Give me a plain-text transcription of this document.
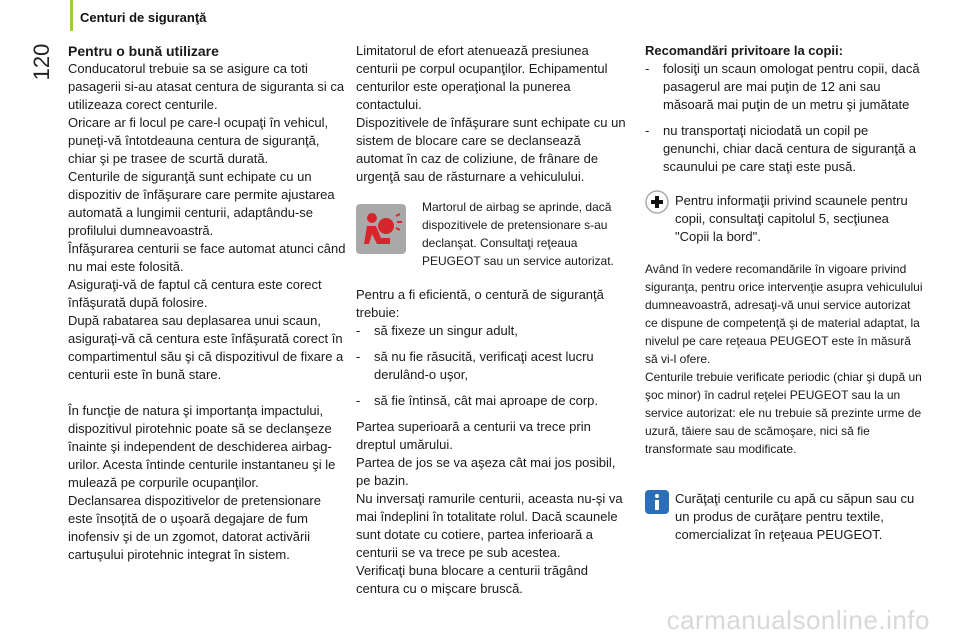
120
Centuri de siguranţă

Pentru o bună utilizare

Conducatorul trebuie sa se asigure ca toti pasagerii si-au atasat centura de siguranta si ca utilizeaza corect centurile.

Oricare ar fi locul pe care-l ocupaţi în vehicul, puneţi-vă întotdeauna centura de siguranţă, chiar şi pe trasee de scurtă durată.

Centurile de siguranţă sunt echipate cu un dispozitiv de înfăşurare care permite ajustarea automată a lungimii centurii, adaptându-se profilului dumneavoastră.

Înfăşurarea centurii se face automat atunci când nu mai este folosită.

Asiguraţi-vă de faptul că centura este corect înfăşurată după folosire.

După rabatarea sau deplasarea unui scaun, asiguraţi-vă că centura este înfăşurată corect în compartimentul său şi că dispozitivul de fixare a centurii este în bună stare.

În funcţie de natura şi importanţa impactului, dispozitivul pirotehnic poate să se declanşeze înainte şi independent de deschiderea airbag-urilor. Acesta întinde centurile instantaneu şi le mulează pe corpurile ocupanţilor.

Declansarea dispozitivelor de pretensionare este însoţită de o uşoară degajare de fum inofensiv şi de un zgomot, datorat activării cartuşului pirotehnic integrat în sistem.

Limitatorul de efort atenuează presiunea centurii pe corpul ocupanţilor. Echipamentul centurilor este operaţional la punerea contactului.

Dispozitivele de înfăşurare sunt echipate cu un sistem de blocare care se declansează automat în caz de coliziune, de frânare de urgenţă sau de răsturnare a vehiculului.

Martorul de airbag se aprinde, dacă dispozitivele de pretensionare s-au declanşat. Consultaţi reţeaua PEUGEOT sau un service autorizat.

Pentru a fi eficientă, o centură de siguranţă trebuie:

- să fixeze un singur adult,
- să nu fie răsucită, verificaţi acest lucru derulând-o uşor,
- să fie întinsă, cât mai aproape de corp.

Partea superioară a centurii va trece prin dreptul umărului.

Partea de jos se va aşeza cât mai jos posibil, pe bazin.

Nu inversaţi ramurile centurii, aceasta nu-şi va mai îndeplini în totalitate rolul. Dacă scaunele sunt dotate cu cotiere, partea inferioară a centurii se va trece pe sub acestea.

Verificaţi buna blocare a centurii trăgând centura cu o mişcare bruscă.

Recomandări privitoare la copii:

- folosiţi un scaun omologat pentru copii, dacă pasagerul are mai puţin de 12 ani sau măsoară mai puţin de un metru şi jumătate
- nu transportaţi niciodată un copil pe genunchi, chiar dacă centura de siguranţă a scaunului pe care staţi este pusă.

Pentru informaţii privind scaunele pentru copii, consultaţi capitolul 5, secţiunea "Copii la bord".

Având în vedere recomandările în vigoare privind siguranţa, pentru orice intervenţie asupra vehiculului dumneavoastră, adresaţi-vă unui service autorizat ce dispune de competenţă şi de material adaptat, la nivelul pe care reţeaua PEUGEOT este în măsură să vi-l ofere.

Centurile trebuie verificate periodic (chiar şi după un şoc minor) în cadrul reţelei PEUGEOT sau la un service autorizat: ele nu trebuie să prezinte urme de uzură, tăiere sau de scămoşare, nici să fie transformate sau modificate.

Curăţaţi centurile cu apă cu săpun sau cu un produs de curăţare pentru textile, comercializat în reţeaua PEUGEOT.

carmanualsonline.info
